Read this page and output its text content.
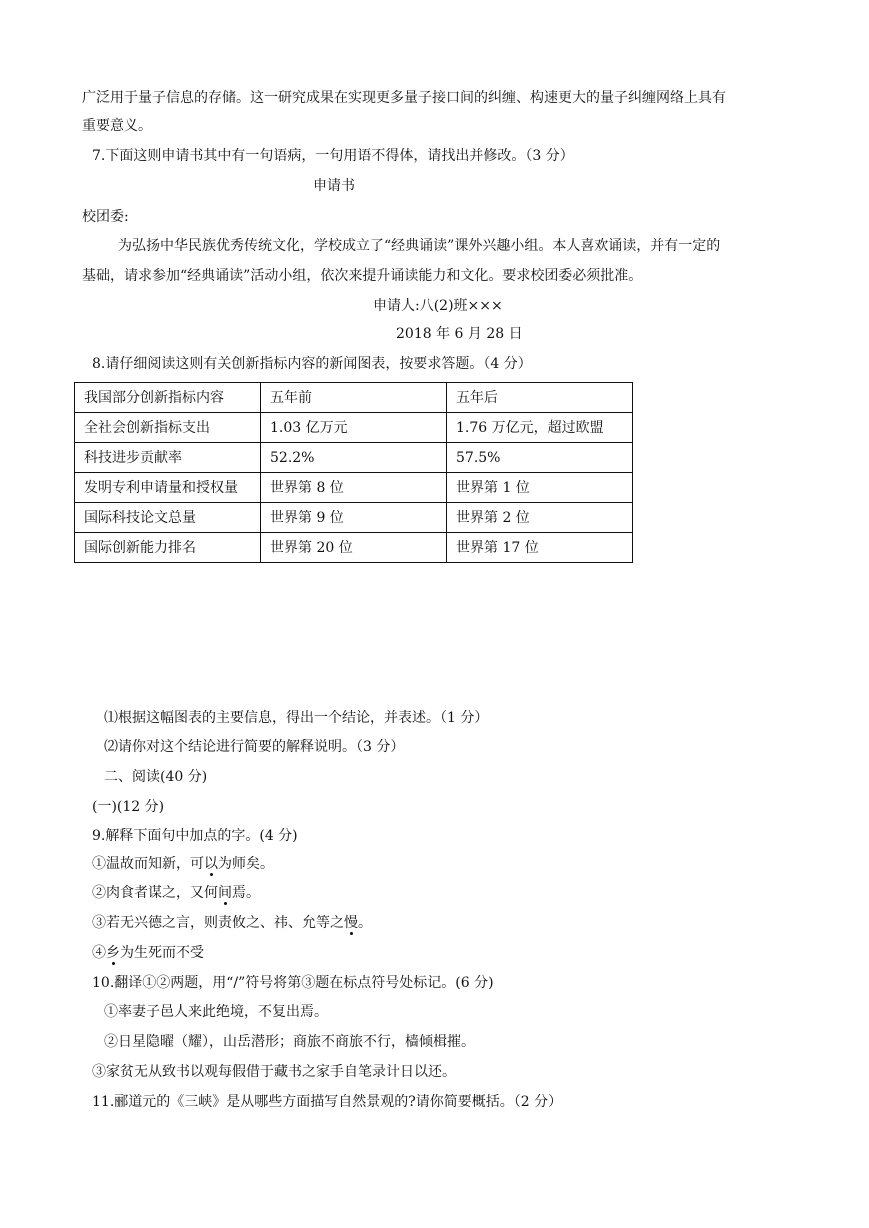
广泛用于量子信息的存储。这一研究成果在实现更多量子接口间的纠缠、构速更大的量子纠缠网络上具有
重要意义。
7.下面这则申请书其中有一句语病，一句用语不得体，请找出并修改。（3 分）
申请书
校团委:
为弘扬中华民族优秀传统文化，学校成立了“经典诵读”课外兴趣小组。本人喜欢诵读，并有一定的
基础，请求参加“经典诵读”活动小组，依次来提升诵读能力和文化。要求校团委必须批准。
申请人:八(2)班×××
2018 年 6 月 28 日
8.请仔细阅读这则有关创新指标内容的新闻图表，按要求答题。（4 分）
我国部分创新指标内容	五年前	五年后
全社会创新指标支出	1.03 亿万元	1.76 万亿元，超过欧盟
科技进步贡献率	52.2%	57.5%
发明专利申请量和授权量	世界第 8 位	世界第 1 位
国际科技论文总量	世界第 9 位	世界第 2 位
国际创新能力排名	世界第 20 位	世界第 17 位
⑴根据这幅图表的主要信息，得出一个结论，并表述。（1 分）
⑵请你对这个结论进行简要的解释说明。（3 分）
二、阅读(40 分)
(一)(12 分)
9.解释下面句中加点的字。(4 分)
①温故而知新，可以为师矣。
②肉食者谋之，又何间焉。
③若无兴德之言，则责攸之、祎、允等之慢。
④乡为生死而不受
10.翻译①②两题，用“/”符号将第③题在标点符号处标记。(6 分)
①率妻子邑人来此绝境，不复出焉。
②日星隐曜（耀），山岳潜形；商旅不商旅不行，樯倾楫摧。
③家贫无从致书以观每假借于藏书之家手自笔录计日以还。
11.郦道元的《三峡》是从哪些方面描写自然景观的?请你简要概括。（2 分）
